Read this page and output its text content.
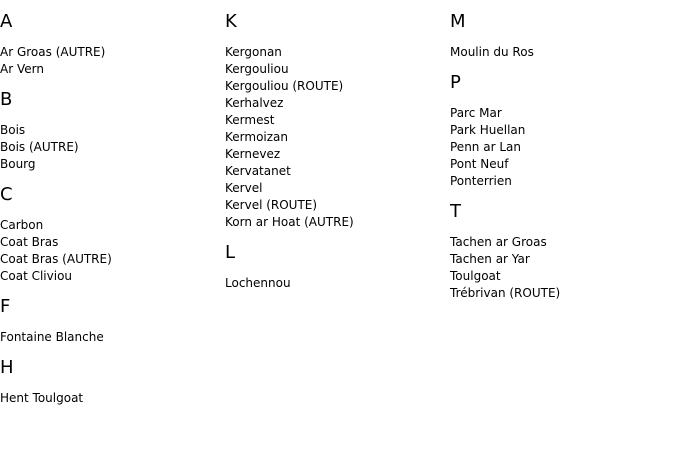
A
Ar Groas (AUTRE)
Ar Vern
B
Bois
Bois (AUTRE)
Bourg
C
Carbon
Coat Bras
Coat Bras (AUTRE)
Coat Cliviou
F
Fontaine Blanche
H
Hent Toulgoat
K
Kergonan
Kergouliou
Kergouliou (ROUTE)
Kerhalvez
Kermest
Kermoizan
Kernevez
Kervatanet
Kervel
Kervel (ROUTE)
Korn ar Hoat (AUTRE)
L
Lochennou
M
Moulin du Ros
P
Parc Mar
Park Huellan
Penn ar Lan
Pont Neuf
Ponterrien
T
Tachen ar Groas
Tachen ar Yar
Toulgoat
Trébrivan (ROUTE)
